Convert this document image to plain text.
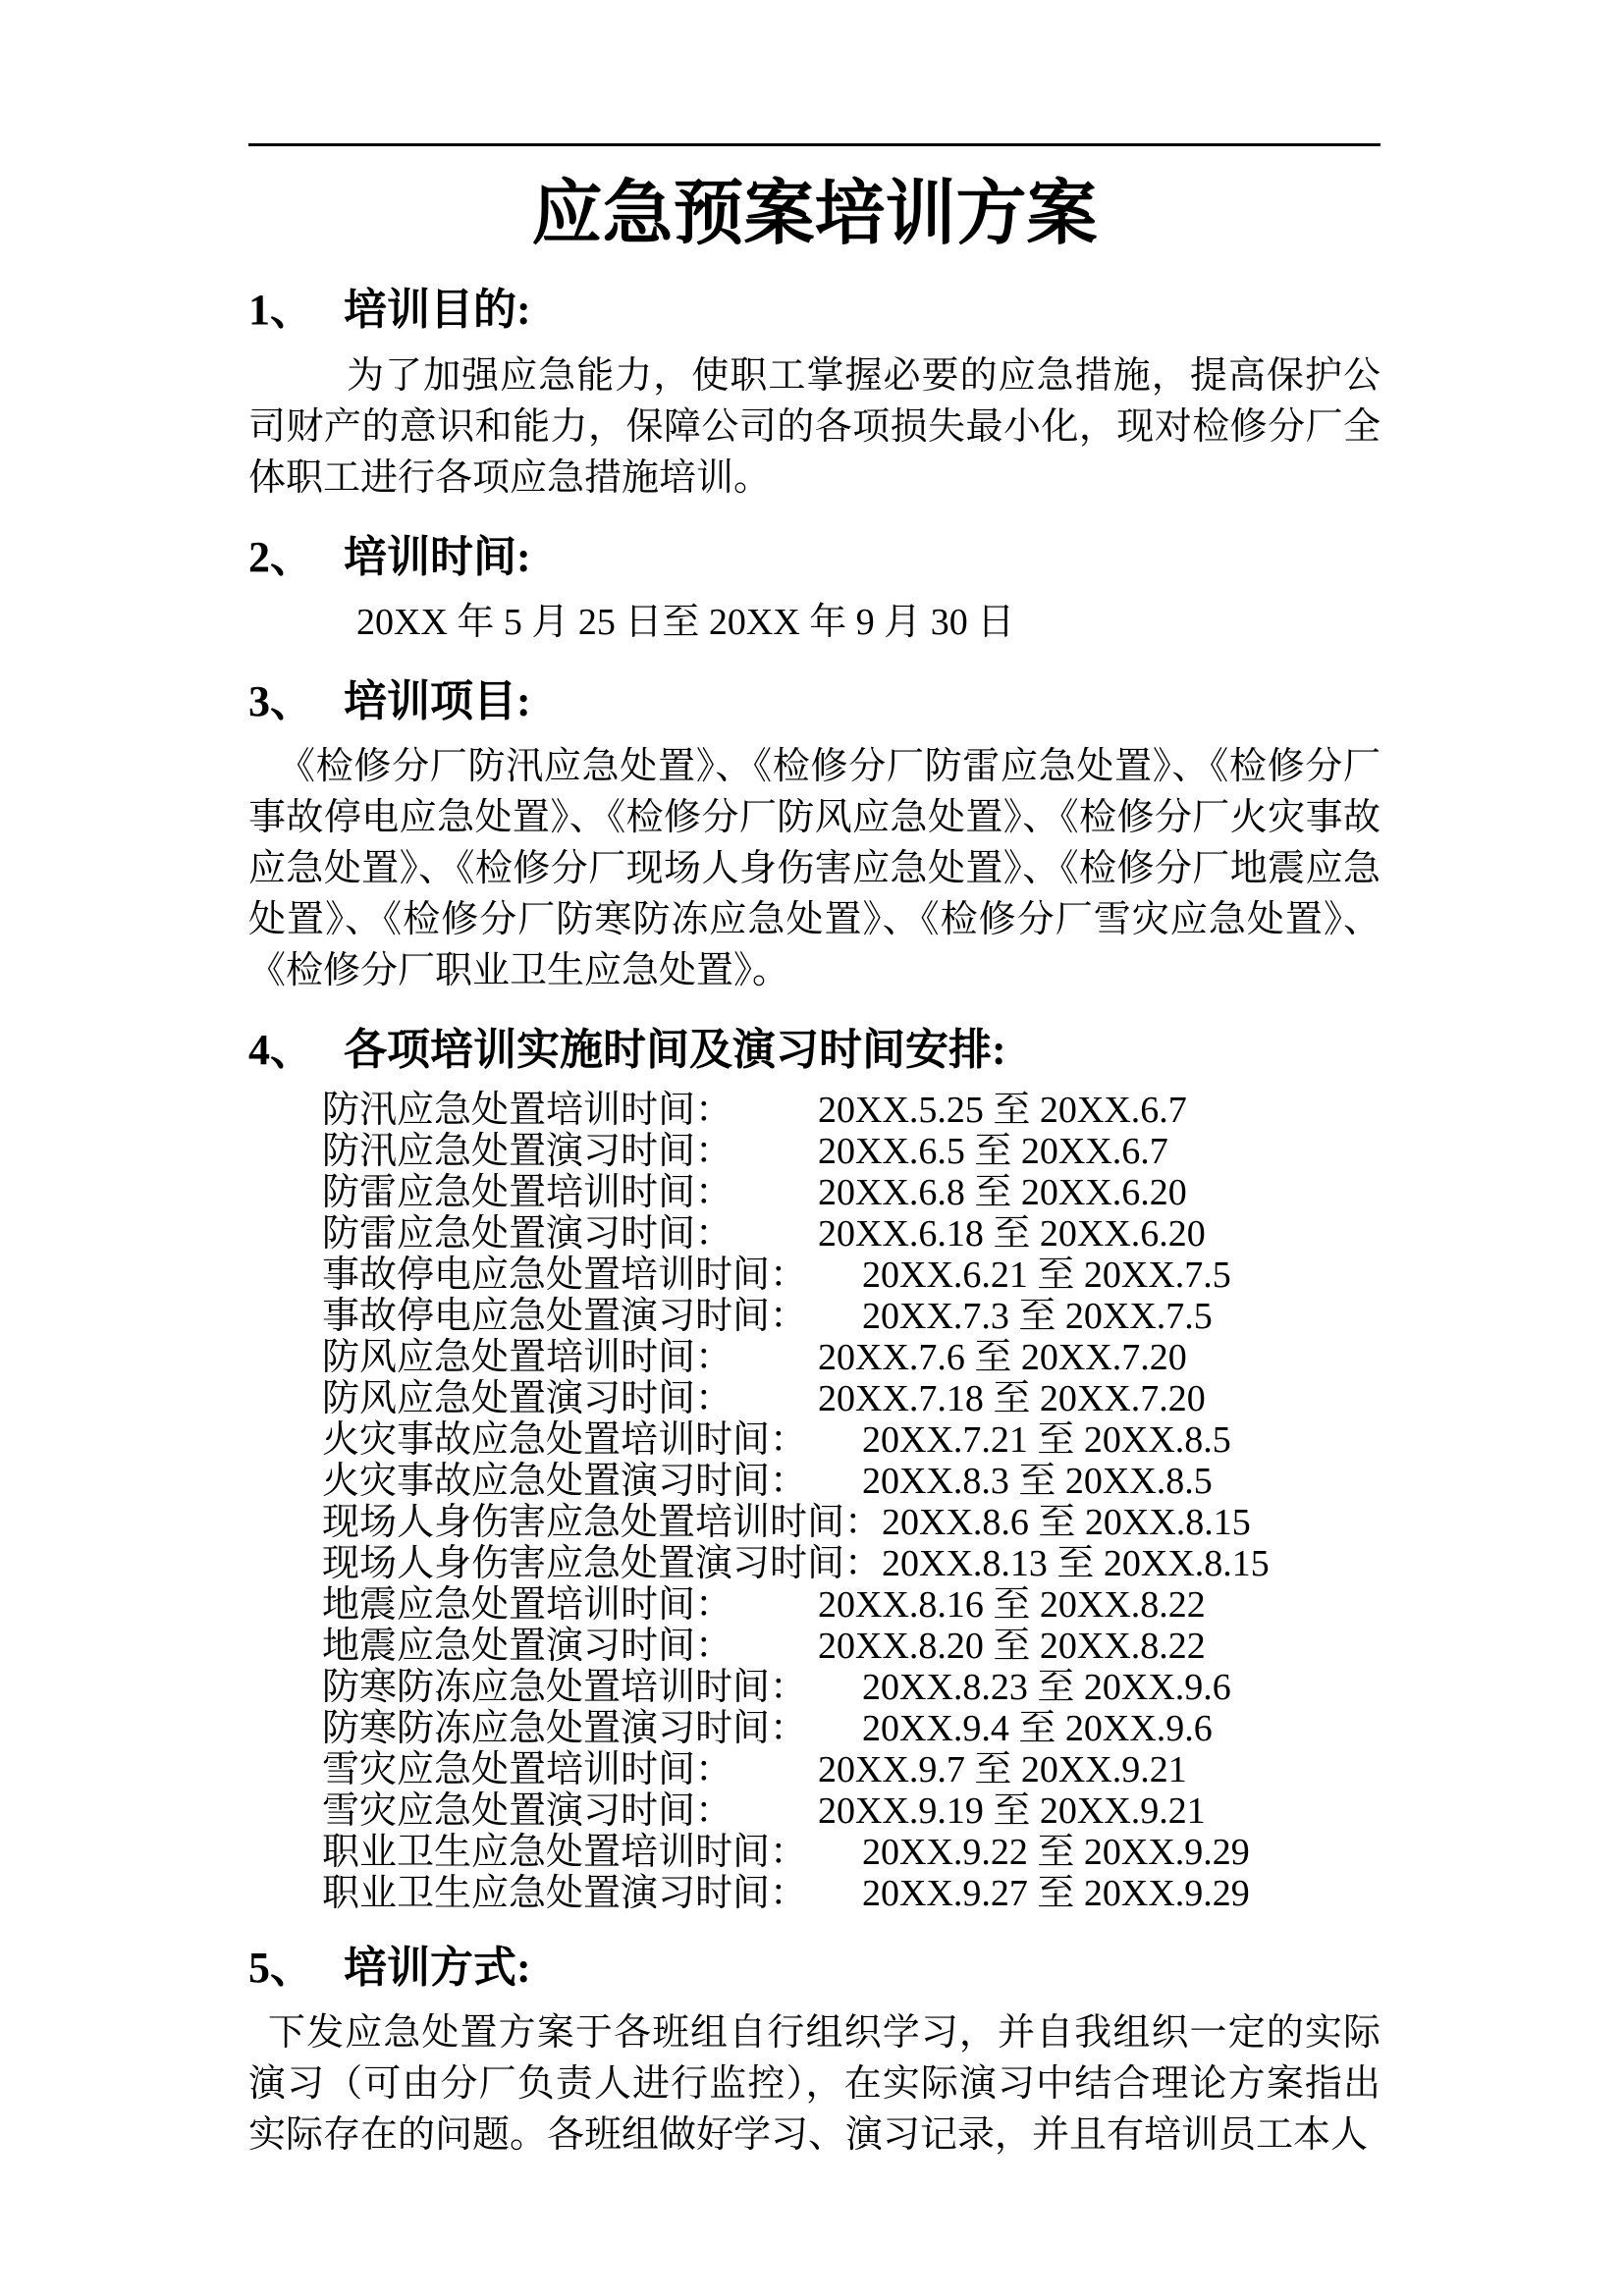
应急预案培训方案
1、 培训目的:

为了加强应急能力，使职工掌握必要的应急措施，提高保护公司财产的意识和能力，保障公司的各项损失最小化，现对检修分厂全体职工进行各项应急措施培训。

2、 培训时间:

20XX 年 5 月 25 日至 20XX 年 9 月 30 日

3、 培训项目:

《检修分厂防汛应急处置》、《检修分厂防雷应急处置》、《检修分厂事故停电应急处置》、《检修分厂防风应急处置》、《检修分厂火灾事故应急处置》、《检修分厂现场人身伤害应急处置》、《检修分厂地震应急处置》、《检修分厂防寒防冻应急处置》、《检修分厂雪灾应急处置》、《检修分厂职业卫生应急处置》。

4、 各项培训实施时间及演习时间安排:
防汛应急处置培训时间： 20XX.5.25 至 20XX.6.7
防汛应急处置演习时间： 20XX.6.5 至 20XX.6.7
防雷应急处置培训时间： 20XX.6.8 至 20XX.6.20
防雷应急处置演习时间： 20XX.6.18 至 20XX.6.20
事故停电应急处置培训时间： 20XX.6.21 至 20XX.7.5
事故停电应急处置演习时间： 20XX.7.3 至 20XX.7.5
防风应急处置培训时间： 20XX.7.6 至 20XX.7.20
防风应急处置演习时间： 20XX.7.18 至 20XX.7.20
火灾事故应急处置培训时间： 20XX.7.21 至 20XX.8.5
火灾事故应急处置演习时间： 20XX.8.3 至 20XX.8.5
现场人身伤害应急处置培训时间：20XX.8.6 至 20XX.8.15
现场人身伤害应急处置演习时间：20XX.8.13 至 20XX.8.15
地震应急处置培训时间： 20XX.8.16 至 20XX.8.22
地震应急处置演习时间： 20XX.8.20 至 20XX.8.22
防寒防冻应急处置培训时间： 20XX.8.23 至 20XX.9.6
防寒防冻应急处置演习时间： 20XX.9.4 至 20XX.9.6
雪灾应急处置培训时间： 20XX.9.7 至 20XX.9.21
雪灾应急处置演习时间： 20XX.9.19 至 20XX.9.21
职业卫生应急处置培训时间： 20XX.9.22 至 20XX.9.29
职业卫生应急处置演习时间： 20XX.9.27 至 20XX.9.29
5、 培训方式:

下发应急处置方案于各班组自行组织学习，并自我组织一定的实际演习（可由分厂负责人进行监控），在实际演习中结合理论方案指出实际存在的问题。各班组做好学习、演习记录，并且有培训员工本人
